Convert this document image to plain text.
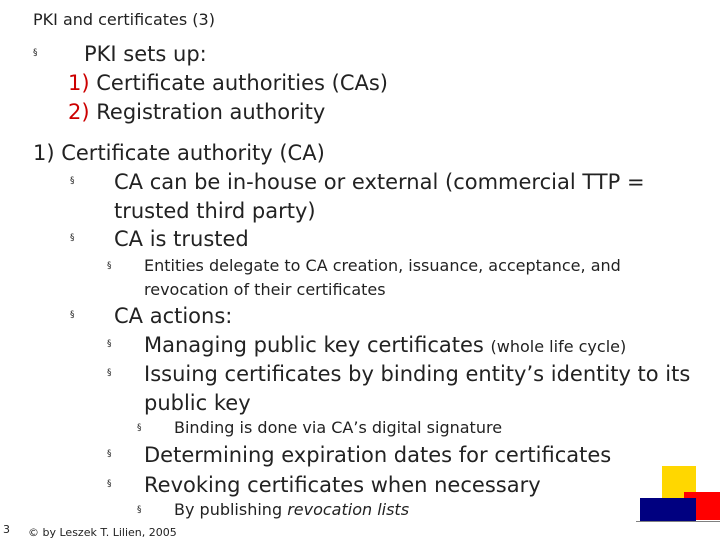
PKI and certificates (3)
§ PKI sets up:
1) Certificate authorities (CAs)
2) Registration authority
1) Certificate authority (CA)
§ CA can be in-house or external (commercial TTP =
trusted third party)
§ CA is trusted
§ Entities delegate to CA creation, issuance, acceptance, and
revocation of their certificates
§ CA actions:
§ Managing public key certificates (whole life cycle)
§ Issuing certificates by binding entity’s identity to its
public key
§ Binding is done via CA’s digital signature
§ Determining expiration dates for certificates
§ Revoking certificates when necessary
§ By publishing revocation lists
3 © by Leszek T. Lilien, 2005
